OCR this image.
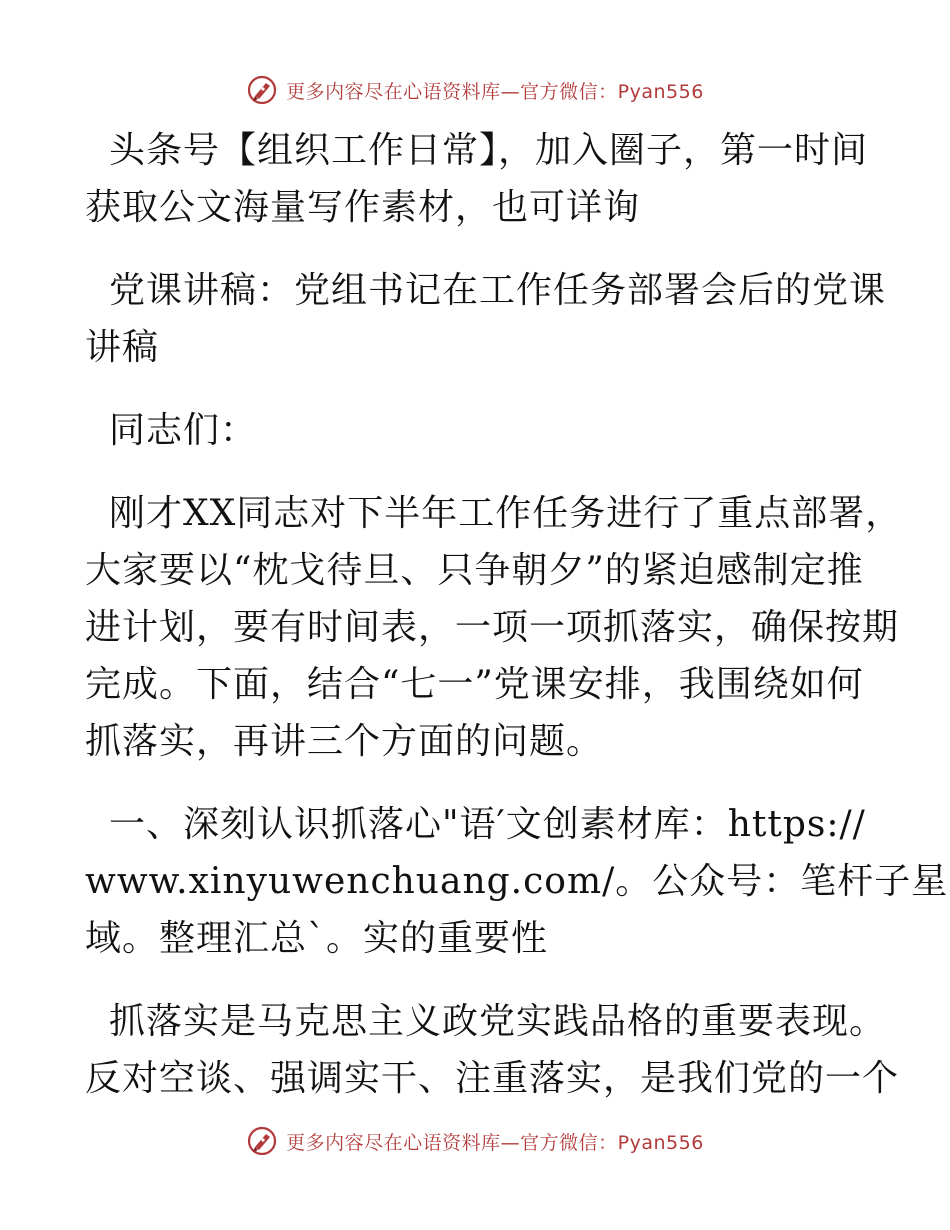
更多内容尽在心语资料库—官方微信：Pyan556

头条号【组织工作日常】，加入圈子，第一时间
获取公文海量写作素材，也可详询

党课讲稿：党组书记在工作任务部署会后的党课
讲稿

同志们：

刚才XX同志对下半年工作任务进行了重点部署，
大家要以“枕戈待旦、只争朝夕”的紧迫感制定推
进计划，要有时间表，一项一项抓落实，确保按期
完成。下面，结合“七一”党课安排，我围绕如何
抓落实，再讲三个方面的问题。

一、深刻认识抓落心"语′文创素材库：https://
www.xinyuwenchuang.com/。公众号：笔杆子星
域。整理汇总ˋ。实的重要性

抓落实是马克思主义政党实践品格的重要表现。
反对空谈、强调实干、注重落实，是我们党的一个

更多内容尽在心语资料库—官方微信：Pyan556
